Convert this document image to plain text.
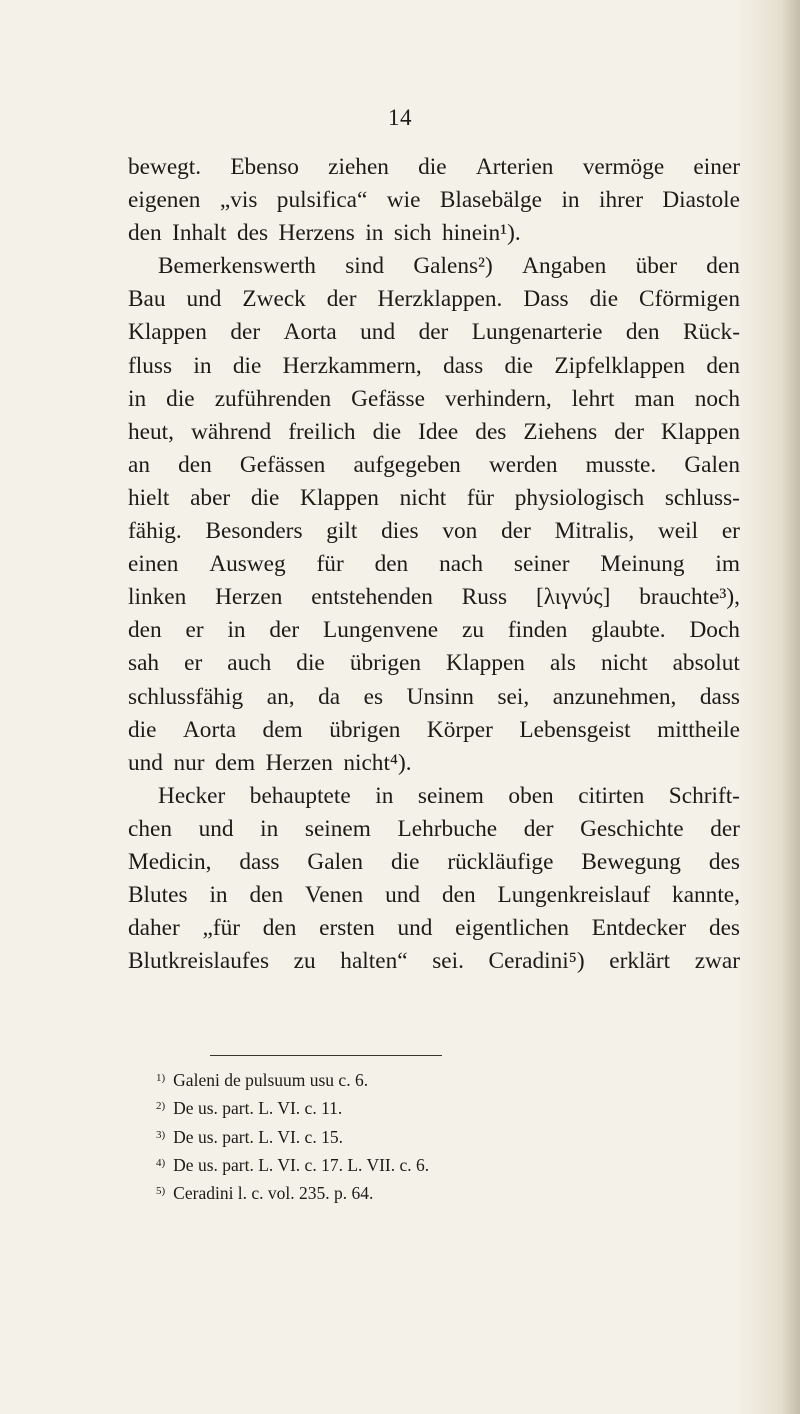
14
bewegt. Ebenso ziehen die Arterien vermöge einer
eigenen „vis pulsifica“ wie Blasebälge in ihrer Diastole
den Inhalt des Herzens in sich hinein¹).
Bemerkenswerth sind Galens²) Angaben über den
Bau und Zweck der Herzklappen. Dass die Cförmigen
Klappen der Aorta und der Lungenarterie den Rück-
fluss in die Herzkammern, dass die Zipfelklappen den
in die zuführenden Gefässe verhindern, lehrt man noch
heut, während freilich die Idee des Ziehens der Klappen
an den Gefässen aufgegeben werden musste. Galen
hielt aber die Klappen nicht für physiologisch schluss-
fähig. Besonders gilt dies von der Mitralis, weil er
einen Ausweg für den nach seiner Meinung im
linken Herzen entstehenden Russ [λιγνύς] brauchte³),
den er in der Lungenvene zu finden glaubte. Doch
sah er auch die übrigen Klappen als nicht absolut
schlussfähig an, da es Unsinn sei, anzunehmen, dass
die Aorta dem übrigen Körper Lebensgeist mittheile
und nur dem Herzen nicht⁴).
Hecker behauptete in seinem oben citirten Schrift-
chen und in seinem Lehrbuche der Geschichte der
Medicin, dass Galen die rückläufige Bewegung des
Blutes in den Venen und den Lungenkreislauf kannte,
daher „für den ersten und eigentlichen Entdecker des
Blutkreislaufes zu halten“ sei. Ceradini⁵) erklärt zwar
1) Galeni de pulsuum usu c. 6.
2) De us. part. L. VI. c. 11.
3) De us. part. L. VI. c. 15.
4) De us. part. L. VI. c. 17. L. VII. c. 6.
5) Ceradini l. c. vol. 235. p. 64.
